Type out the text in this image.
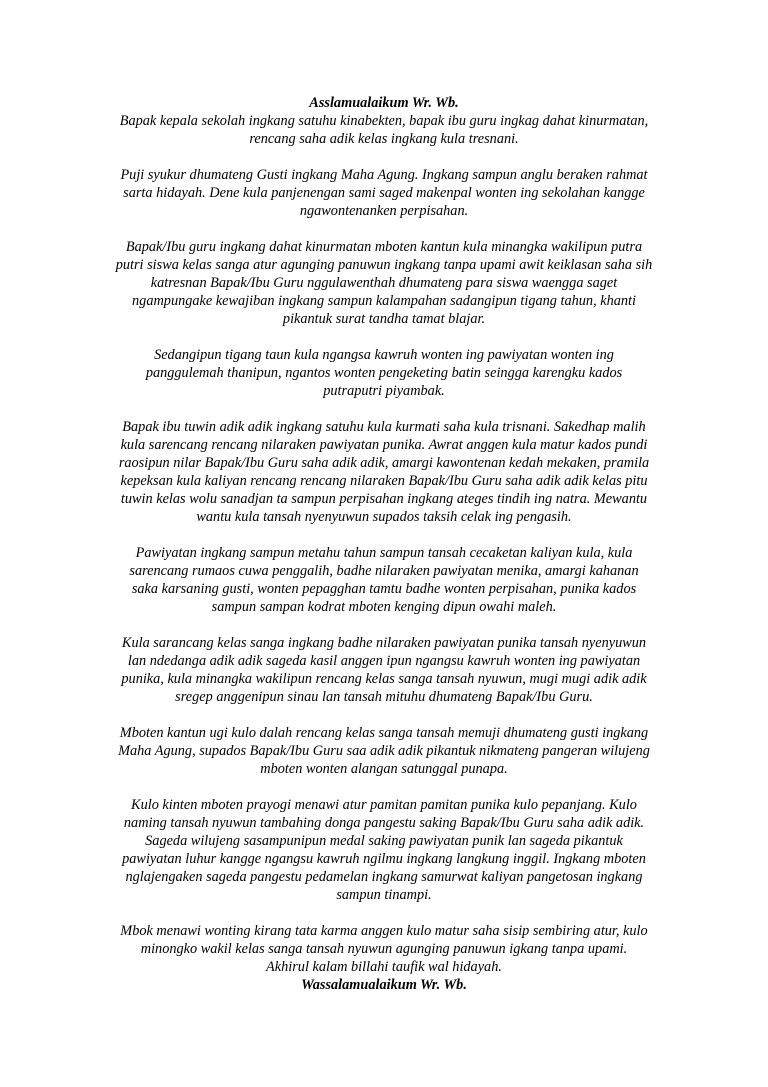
Asslamualaikum Wr. Wb.
Bapak kepala sekolah ingkang satuhu kinabekten, bapak ibu guru ingkag dahat kinurmatan,
rencang saha adik kelas ingkang kula tresnani.
Puji syukur dhumateng Gusti ingkang Maha Agung. Ingkang sampun anglu beraken rahmat
sarta hidayah. Dene kula panjenengan sami saged makenpal wonten ing sekolahan kangge
ngawontenanken perpisahan.
Bapak/Ibu guru ingkang dahat kinurmatan mboten kantun kula minangka wakilipun putra
putri siswa kelas sanga atur agunging panuwun ingkang tanpa upami awit keiklasan saha sih
katresnan Bapak/Ibu Guru nggulawenthah dhumateng para siswa waengga saget
ngampungake kewajiban ingkang sampun kalampahan sadangipun tigang tahun, khanti
pikantuk surat tandha tamat blajar.
Sedangipun tigang taun kula ngangsa kawruh wonten ing pawiyatan wonten ing
panggulemah thanipun, ngantos wonten pengeketing batin seingga karengku kados
putraputri piyambak.
Bapak ibu tuwin adik adik ingkang satuhu kula kurmati saha kula trisnani. Sakedhap malih
kula sarencang rencang nilaraken pawiyatan punika. Awrat anggen kula matur kados pundi
raosipun nilar Bapak/Ibu Guru saha adik adik, amargi kawontenan kedah mekaken, pramila
kepeksan kula kaliyan rencang rencang nilaraken Bapak/Ibu Guru saha adik adik kelas pitu
tuwin kelas wolu sanadjan ta sampun perpisahan ingkang ateges tindih ing natra. Mewantu
wantu kula tansah nyenyuwun supados taksih celak ing pengasih.
Pawiyatan ingkang sampun metahu tahun sampun tansah cecaketan kaliyan kula, kula
sarencang rumaos cuwa penggalih, badhe nilaraken pawiyatan menika, amargi kahanan
saka karsaning gusti, wonten pepagghan tamtu badhe wonten perpisahan, punika kados
sampun sampan kodrat mboten kenging dipun owahi maleh.
Kula sarancang kelas sanga ingkang badhe nilaraken pawiyatan punika tansah nyenyuwun
lan ndedanga adik adik sageda kasil anggen ipun ngangsu kawruh wonten ing pawiyatan
punika, kula minangka wakilipun rencang kelas sanga tansah nyuwun, mugi mugi adik adik
sregep anggenipun sinau lan tansah mituhu dhumateng Bapak/Ibu Guru.
Mboten kantun ugi kulo dalah rencang kelas sanga tansah memuji dhumateng gusti ingkang
Maha Agung, supados Bapak/Ibu Guru saa adik adik pikantuk nikmateng pangeran wilujeng
mboten wonten alangan satunggal punapa.
Kulo kinten mboten prayogi menawi atur pamitan pamitan punika kulo pepanjang. Kulo
naming tansah nyuwun tambahing donga pangestu saking Bapak/Ibu Guru saha adik adik.
Sageda wilujeng sasampunipun medal saking pawiyatan punik lan sageda pikantuk
pawiyatan luhur kangge ngangsu kawruh ngilmu ingkang langkung inggil. Ingkang mboten
nglajengaken sageda pangestu pedamelan ingkang samurwat kaliyan pangetosan ingkang
sampun tinampi.
Mbok menawi wonting kirang tata karma anggen kulo matur saha sisip sembiring atur, kulo
minongko wakil kelas sanga tansah nyuwun agunging panuwun igkang tanpa upami.
Akhirul kalam billahi taufik wal hidayah.
Wassalamualaikum Wr. Wb.
